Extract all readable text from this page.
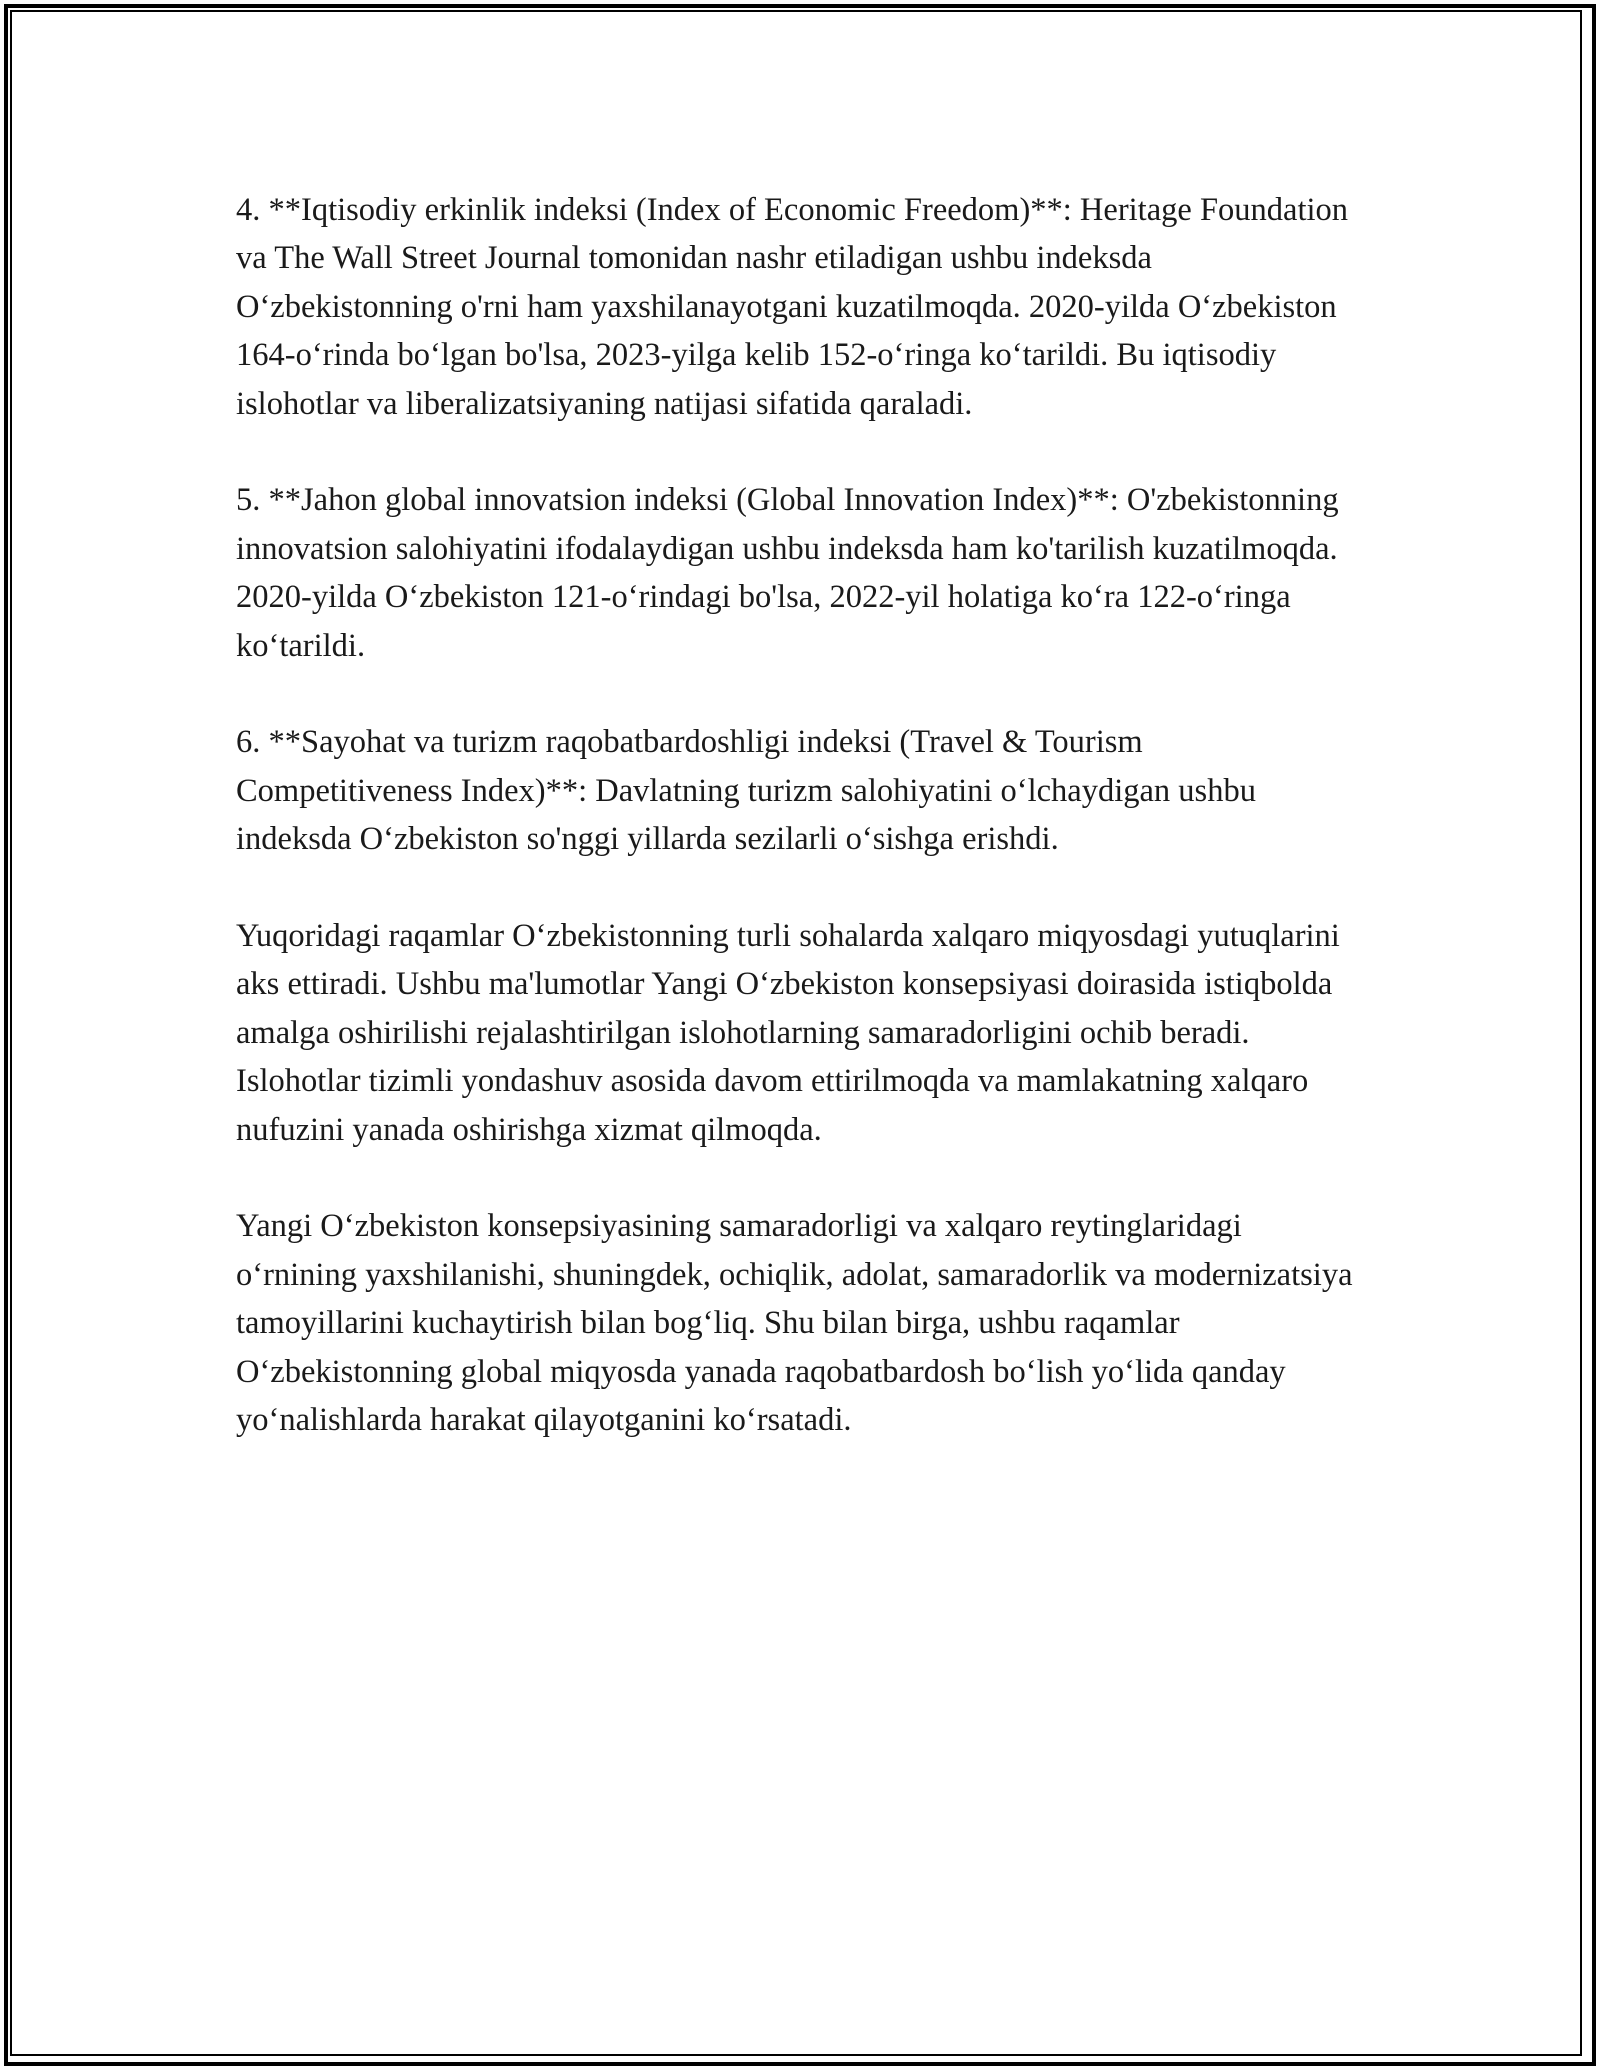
4. **Iqtisodiy erkinlik indeksi (Index of Economic Freedom)**: Heritage Foundation va The Wall Street Journal tomonidan nashr etiladigan ushbu indeksda O‘zbekistonning o'rni ham yaxshilanayotgani kuzatilmoqda. 2020-yilda O‘zbekiston 164-o‘rinda bo‘lgan bo'lsa, 2023-yilga kelib 152-o‘ringa ko‘tarildi. Bu iqtisodiy islohotlar va liberalizatsiyaning natijasi sifatida qaraladi.

5. **Jahon global innovatsion indeksi (Global Innovation Index)**: O'zbekistonning innovatsion salohiyatini ifodalaydigan ushbu indeksda ham ko'tarilish kuzatilmoqda. 2020-yilda O‘zbekiston 121-o‘rindagi bo'lsa, 2022-yil holatiga ko‘ra 122-o‘ringa ko‘tarildi.

6. **Sayohat va turizm raqobatbardoshligi indeksi (Travel & Tourism Competitiveness Index)**: Davlatning turizm salohiyatini o‘lchaydigan ushbu indeksda O‘zbekiston so'nggi yillarda sezilarli o‘sishga erishdi.

Yuqoridagi raqamlar O‘zbekistonning turli sohalarda xalqaro miqyosdagi yutuqlarini aks ettiradi. Ushbu ma'lumotlar Yangi O‘zbekiston konsepsiyasi doirasida istiqbolda amalga oshirilishi rejalashtirilgan islohotlarning samaradorligini ochib beradi. Islohotlar tizimli yondashuv asosida davom ettirilmoqda va mamlakatning xalqaro nufuzini yanada oshirishga xizmat qilmoqda.

Yangi O‘zbekiston konsepsiyasining samaradorligi va xalqaro reytinglaridagi o‘rnining yaxshilanishi, shuningdek, ochiqlik, adolat, samaradorlik va modernizatsiya tamoyillarini kuchaytirish bilan bog‘liq. Shu bilan birga, ushbu raqamlar O‘zbekistonning global miqyosda yanada raqobatbardosh bo‘lish yo‘lida qanday yo‘nalishlarda harakat qilayotganini ko‘rsatadi.
